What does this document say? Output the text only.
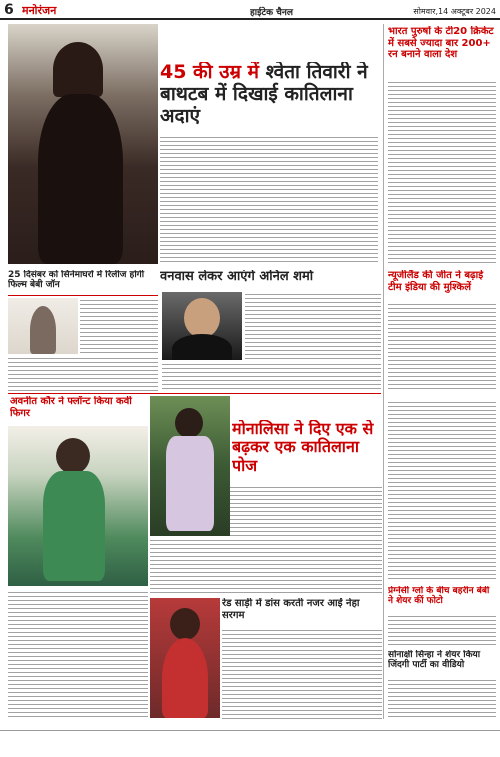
6 मनोरंजन	हाईटेक चैनल	सोमवार,14 अक्टूबर 2024
45 की उम्र में श्वेता तिवारी ने बाथटब में दिखाई कातिलाना अदाएं
भारत पुरुषों के टी20 क्रिकेट में सबसे ज्यादा बार 200+ रन बनाने वाला देश
न्यूजीलैंड की जीत ने बढ़ाई टीम इंडिया की मुश्किलें
25 दिसंबर को सिनेमाघरों में रिलीज होगी फिल्म बेबी जॉन
वनवास लेकर आएंगे अनिल शर्मा
अवनीत कौर ने फ्लॉन्ट किया कर्वी फिगर
मोनालिसा ने दिए एक से बढ़कर एक कातिलाना पोज
रेड साड़ी में डांस करती नजर आईं नेहा सरगम
प्रेग्नेंसी ग्लो के बीच बहरीन बेबी ने शेयर कीं फोटो
सोनाक्षी सिन्हा ने शेयर किया जिंदगी पार्टी का वीडियो
